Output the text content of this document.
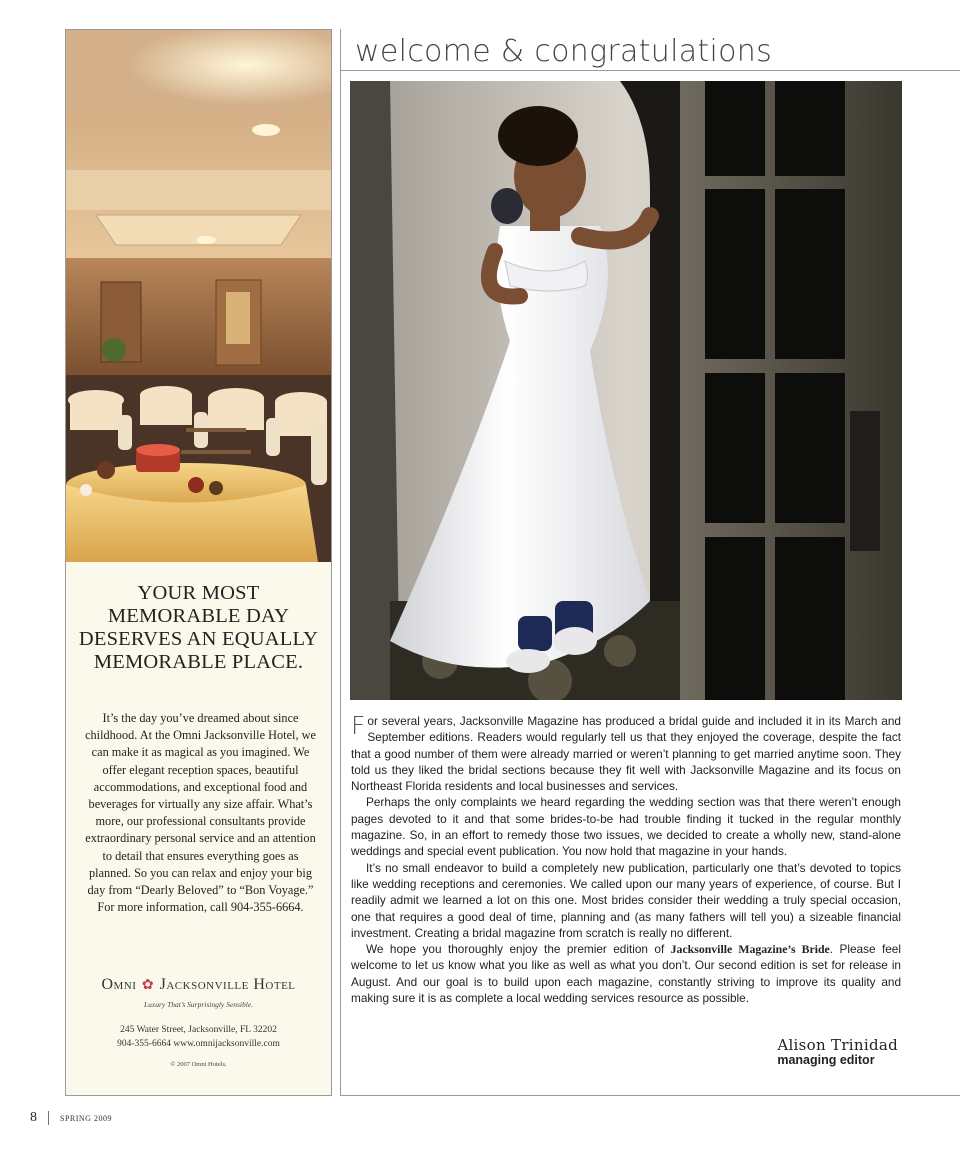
YOUR MOST MEMORABLE DAY DESERVES AN EQUALLY MEMORABLE PLACE.
It’s the day you’ve dreamed about since childhood. At the Omni Jacksonville Hotel, we can make it as magical as you imagined. We offer elegant reception spaces, beautiful accommodations, and exceptional food and beverages for virtually any size affair. What’s more, our professional consultants provide extraordinary personal service and an attention to detail that ensures everything goes as planned. So you can relax and enjoy your big day from “Dearly Beloved” to “Bon Voyage.” For more information, call 904-355-6664.
Omni ✿ Jacksonville Hotel
Luxury That’s Surprisingly Sensible.
245 Water Street, Jacksonville, FL 32202
904-355-6664 www.omnijacksonville.com
© 2007 Omni Hotels.
welcome & congratulations

For several years, Jacksonville Magazine has produced a bridal guide and included it in its March and September editions. Readers would regularly tell us that they enjoyed the coverage, despite the fact that a good number of them were already married or weren’t planning to get married anytime soon. They told us they liked the bridal sections because they fit well with Jacksonville Magazine and its focus on Northeast Florida residents and local businesses and services.

Perhaps the only complaints we heard regarding the wedding section was that there weren’t enough pages devoted to it and that some brides-to-be had trouble finding it tucked in the regular monthly magazine. So, in an effort to remedy those two issues, we decided to create a wholly new, stand-alone weddings and special event publication. You now hold that magazine in your hands.

It’s no small endeavor to build a completely new publication, particularly one that’s devoted to topics like wedding receptions and ceremonies. We called upon our many years of experience, of course. But I readily admit we learned a lot on this one. Most brides consider their wedding a truly special occasion, one that requires a good deal of time, planning and (as many fathers will tell you) a sizeable financial investment. Creating a bridal magazine from scratch is really no different.

We hope you thoroughly enjoy the premier edition of Jacksonville Magazine’s Bride. Please feel welcome to let us know what you like as well as what you don’t. Our second edition is set for release in August. And our goal is to build upon each magazine, constantly striving to improve its quality and making sure it is as complete a local wedding services resource as possible.

Alison Trinidad
managing editor
8	SPRING 2009
